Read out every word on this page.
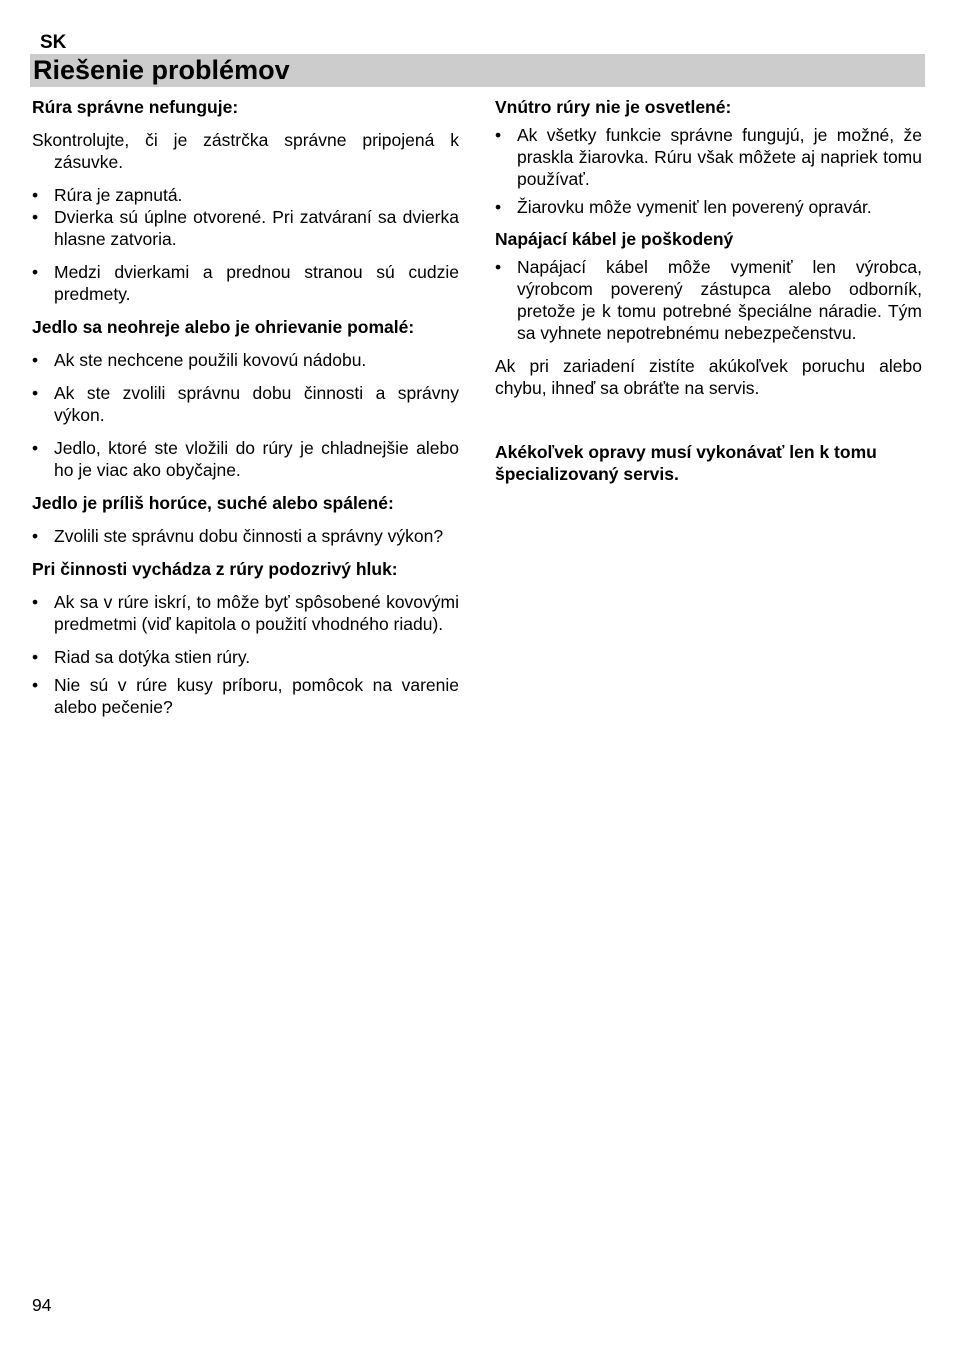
SK
Riešenie problémov
Rúra správne nefunguje:
Skontrolujte, či je zástrčka správne pripojená k zásuvke.
• Rúra je zapnutá.
• Dvierka sú úplne otvorené. Pri zatváraní sa dvierka hlasne zatvoria.
• Medzi dvierkami a prednou stranou sú cudzie predmety.
Jedlo sa neohreje alebo je ohrievanie pomalé:
• Ak ste nechcene použili kovovú nádobu.
• Ak ste zvolili správnu dobu činnosti a správny výkon.
• Jedlo, ktoré ste vložili do rúry je chladnejšie alebo ho je viac ako obyčajne.
Jedlo je príliš horúce, suché alebo spálené:
• Zvolili ste správnu dobu činnosti a správny výkon?
Pri činnosti vychádza z rúry podozrivý hluk:
• Ak sa v rúre iskrí, to môže byť spôsobené kovovými predmetmi (viď kapitola o použití vhodného riadu).
• Riad sa dotýka stien rúry.
• Nie sú v rúre kusy príboru, pomôcok na varenie alebo pečenie?
Vnútro rúry nie je osvetlené:
• Ak všetky funkcie správne fungujú, je možné, že praskla žiarovka. Rúru však môžete aj napriek tomu používať.
• Žiarovku môže vymeniť len poverený opravár.
Napájací kábel je poškodený
• Napájací kábel môže vymeniť len výrobca, výrobcom poverený zástupca alebo odborník, pretože je k tomu potrebné špeciálne náradie. Tým sa vyhnete nepotrebnému nebezpečenstvu.
Ak pri zariadení zistíte akúkoľvek poruchu alebo chybu, ihneď sa obráťte na servis.
Akékoľvek opravy musí vykonávať len k tomu špecializovaný servis.
94
